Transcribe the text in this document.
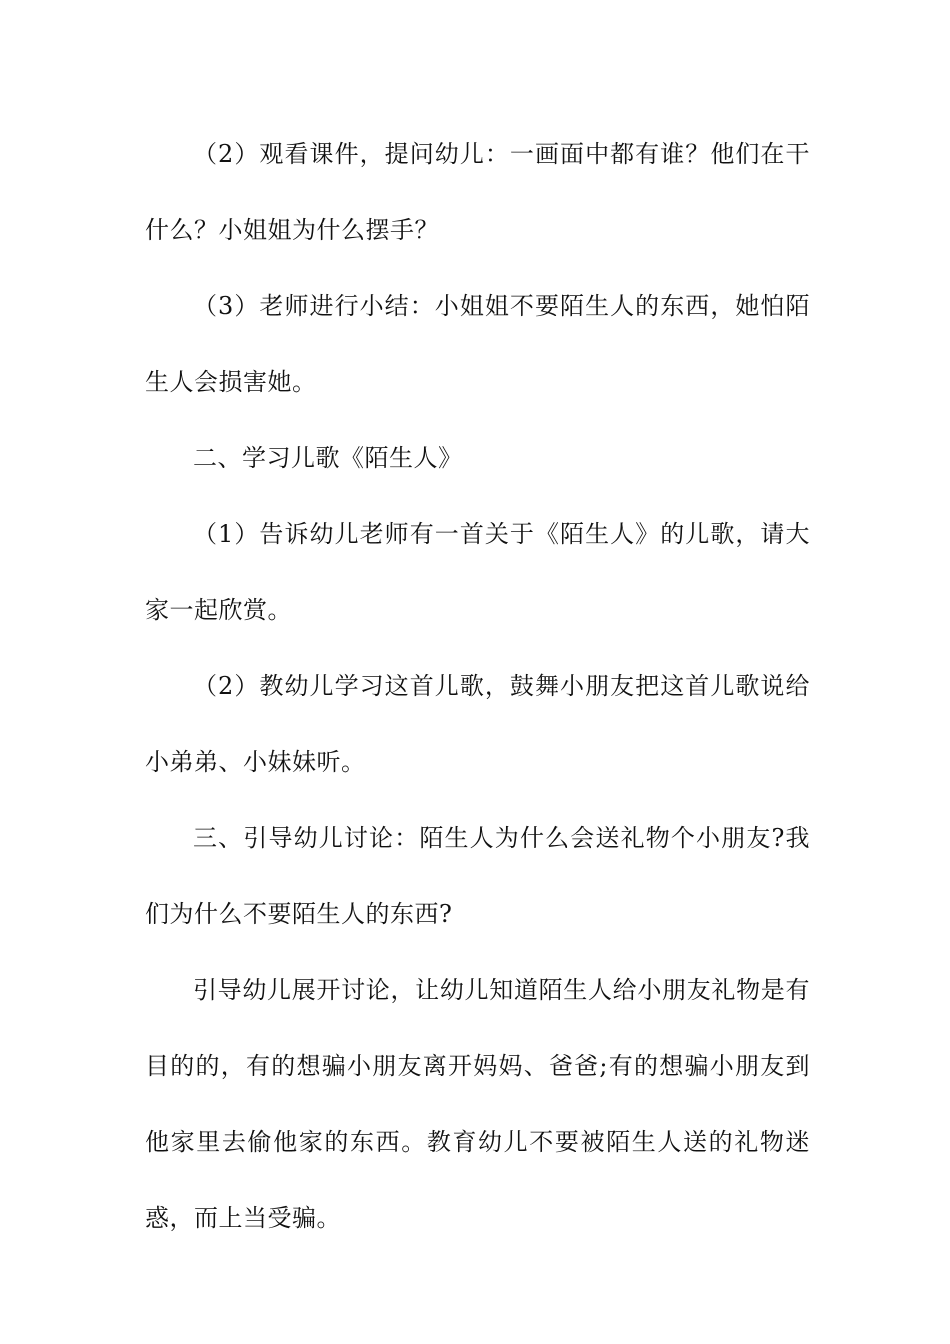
（2）观看课件，提问幼儿：一画面中都有谁？他们在干什么？小姐姐为什么摆手？

（3）老师进行小结：小姐姐不要陌生人的东西，她怕陌生人会损害她。

二、学习儿歌《陌生人》

（1）告诉幼儿老师有一首关于《陌生人》的儿歌，请大家一起欣赏。

（2）教幼儿学习这首儿歌，鼓舞小朋友把这首儿歌说给小弟弟、小妹妹听。

三、引导幼儿讨论：陌生人为什么会送礼物个小朋友?我们为什么不要陌生人的东西?

引导幼儿展开讨论，让幼儿知道陌生人给小朋友礼物是有目的的，有的想骗小朋友离开妈妈、爸爸;有的想骗小朋友到他家里去偷他家的东西。教育幼儿不要被陌生人送的礼物迷惑，而上当受骗。
